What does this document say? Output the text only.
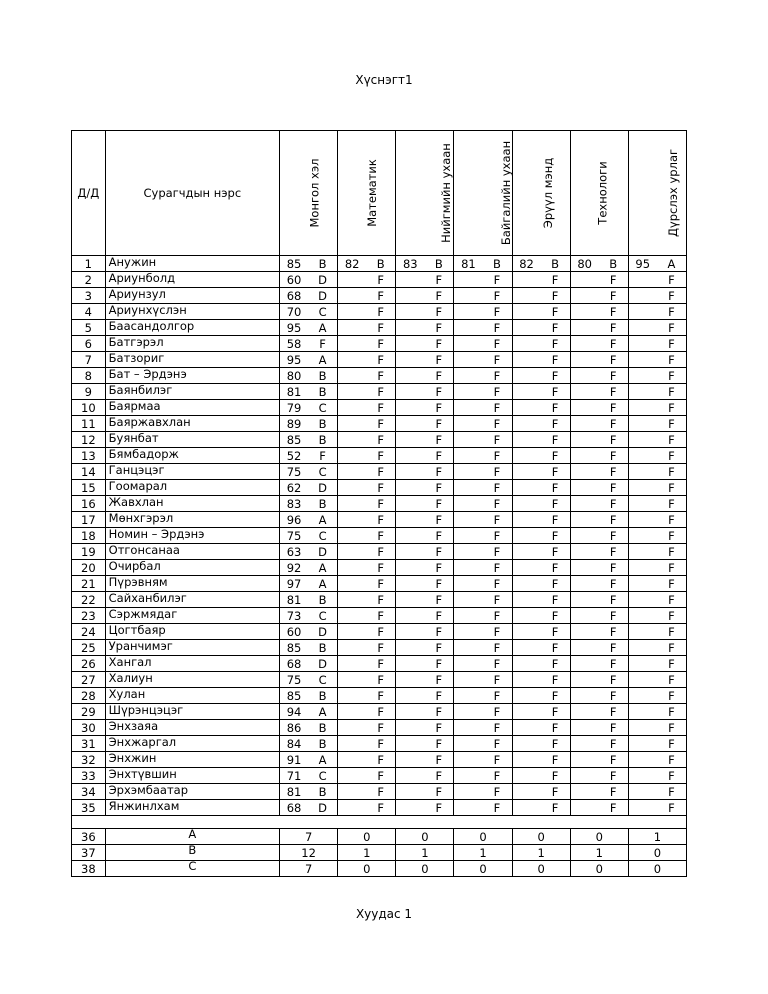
Хүснэгт1
Д/Д	Сурагчдын нэрс	Монгол хэл		Математик		Нийгмийн ухаан		Байгалийн ухаан		Эрүүл мэнд		Технологи		Дүрслэх урлаг	
1	Анужин	85	B	82	B	83	B	81	B	82	B	80	B	95	A
2	Ариунболд	60	D		F		F		F		F		F		F
3	Ариунзул	68	D		F		F		F		F		F		F
4	Ариунхүслэн	70	C		F		F		F		F		F		F
5	Баасандолгор	95	A		F		F		F		F		F		F
6	Батгэрэл	58	F		F		F		F		F		F		F
7	Батзориг	95	A		F		F		F		F		F		F
8	Бат – Эрдэнэ	80	B		F		F		F		F		F		F
9	Баянбилэг	81	B		F		F		F		F		F		F
10	Баярмаа	79	C		F		F		F		F		F		F
11	Баяржавхлан	89	B		F		F		F		F		F		F
12	Буянбат	85	B		F		F		F		F		F		F
13	Бямбадорж	52	F		F		F		F		F		F		F
14	Ганцэцэг	75	C		F		F		F		F		F		F
15	Гоомарал	62	D		F		F		F		F		F		F
16	Жавхлан	83	B		F		F		F		F		F		F
17	Мөнхгэрэл	96	A		F		F		F		F		F		F
18	Номин – Эрдэнэ	75	C		F		F		F		F		F		F
19	Отгонсанаа	63	D		F		F		F		F		F		F
20	Очирбал	92	A		F		F		F		F		F		F
21	Пүрэвням	97	A		F		F		F		F		F		F
22	Сайханбилэг	81	B		F		F		F		F		F		F
23	Сэржмядаг	73	C		F		F		F		F		F		F
24	Цогтбаяр	60	D		F		F		F		F		F		F
25	Уранчимэг	85	B		F		F		F		F		F		F
26	Хангал	68	D		F		F		F		F		F		F
27	Халиун	75	C		F		F		F		F		F		F
28	Хулан	85	B		F		F		F		F		F		F
29	Шүрэнцэцэг	94	A		F		F		F		F		F		F
30	Энхзаяа	86	B		F		F		F		F		F		F
31	Энхжаргал	84	B		F		F		F		F		F		F
32	Энхжин	91	A		F		F		F		F		F		F
33	Энхтүвшин	71	C		F		F		F		F		F		F
34	Эрхэмбаатар	81	B		F		F		F		F		F		F
35	Янжинлхам	68	D		F		F		F		F		F		F

36	A	7	0	0	0	0	0	1
37	B	12	1	1	1	1	1	0
38	C	7	0	0	0	0	0	0
Хуудас 1
